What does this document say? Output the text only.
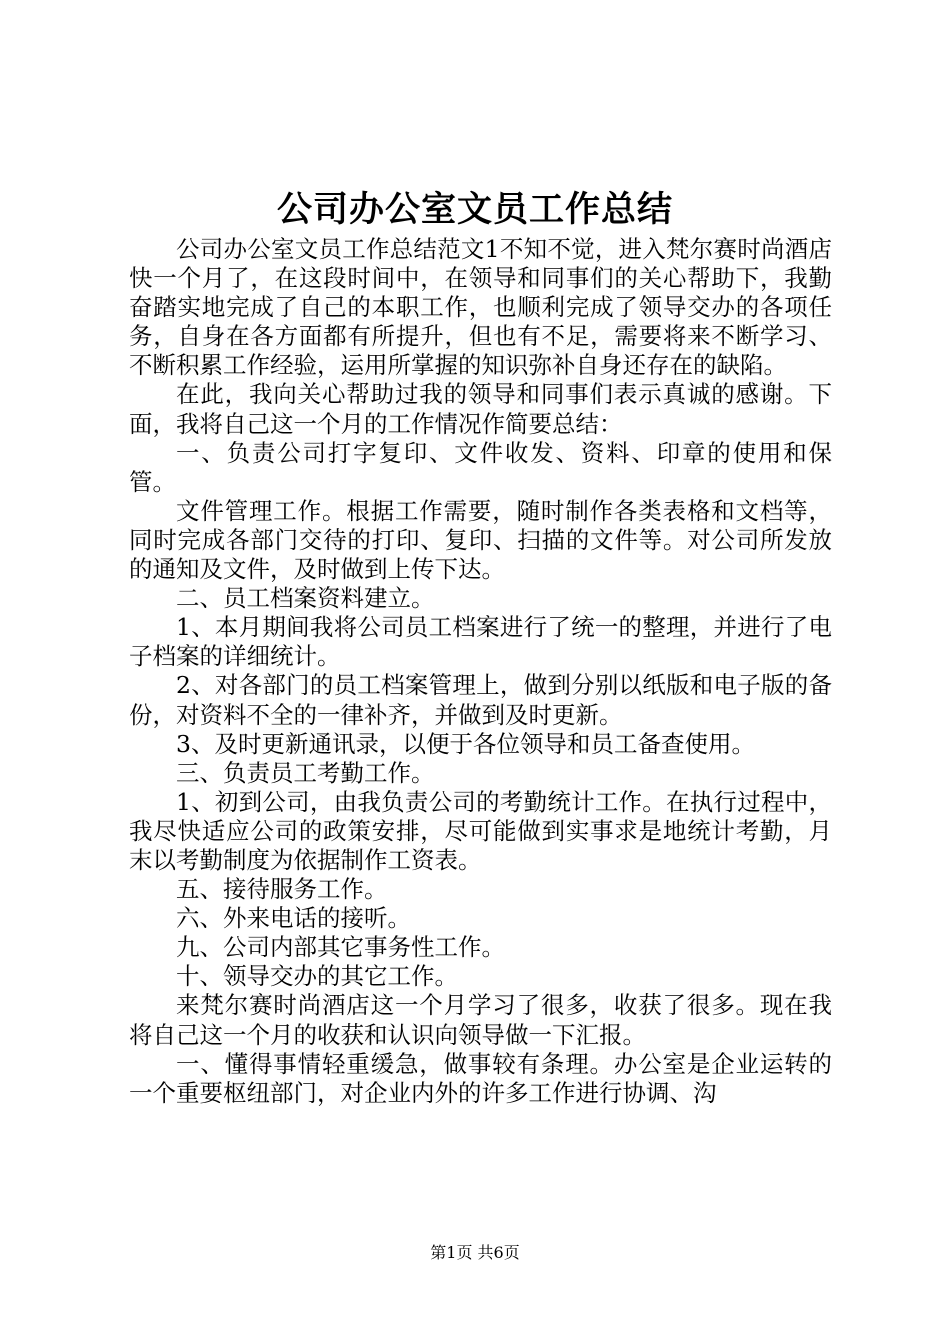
公司办公室文员工作总结

公司办公室文员工作总结范文1不知不觉，进入梵尔赛时尚酒店快一个月了，在这段时间中，在领导和同事们的关心帮助下，我勤奋踏实地完成了自己的本职工作，也顺利完成了领导交办的各项任务，自身在各方面都有所提升，但也有不足，需要将来不断学习、不断积累工作经验，运用所掌握的知识弥补自身还存在的缺陷。

在此，我向关心帮助过我的领导和同事们表示真诚的感谢。下面，我将自己这一个月的工作情况作简要总结：

一、负责公司打字复印、文件收发、资料、印章的使用和保管。

文件管理工作。根据工作需要，随时制作各类表格和文档等，同时完成各部门交待的打印、复印、扫描的文件等。对公司所发放的通知及文件，及时做到上传下达。

二、员工档案资料建立。

1、本月期间我将公司员工档案进行了统一的整理，并进行了电子档案的详细统计。

2、对各部门的员工档案管理上，做到分别以纸版和电子版的备份，对资料不全的一律补齐，并做到及时更新。

3、及时更新通讯录，以便于各位领导和员工备查使用。

三、负责员工考勤工作。

1、初到公司，由我负责公司的考勤统计工作。在执行过程中，我尽快适应公司的政策安排，尽可能做到实事求是地统计考勤，月末以考勤制度为依据制作工资表。

五、接待服务工作。

六、外来电话的接听。

九、公司内部其它事务性工作。

十、领导交办的其它工作。

来梵尔赛时尚酒店这一个月学习了很多，收获了很多。现在我将自己这一个月的收获和认识向领导做一下汇报。

一、懂得事情轻重缓急，做事较有条理。办公室是企业运转的一个重要枢纽部门，对企业内外的许多工作进行协调、沟

第1页 共6页
